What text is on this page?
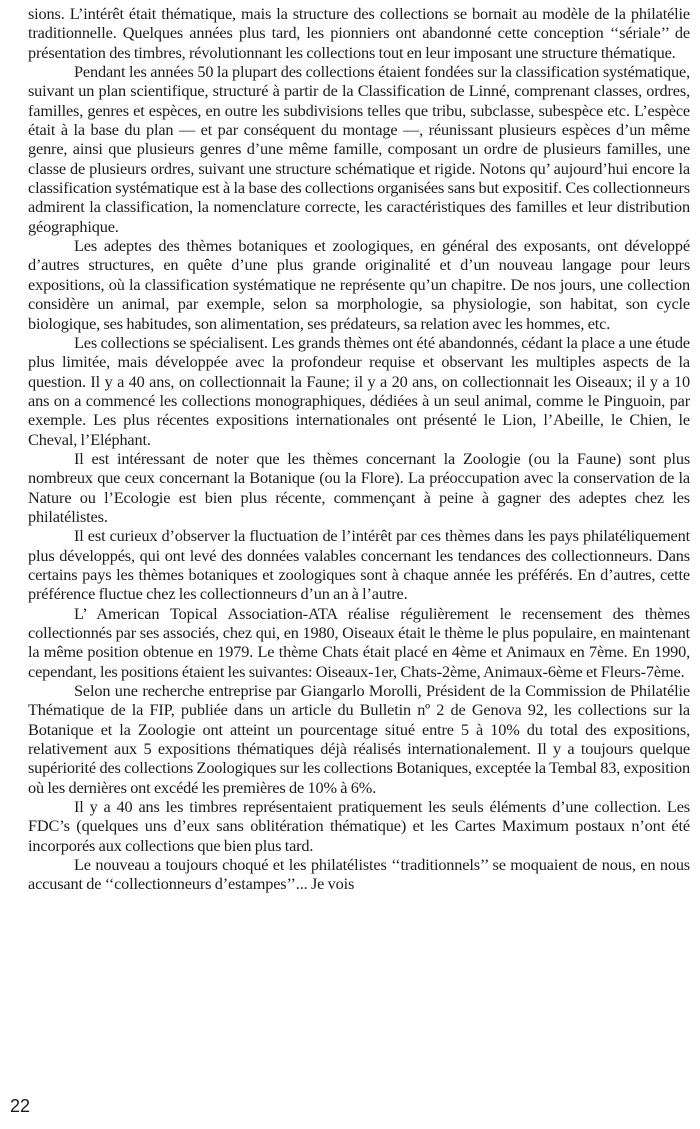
sions. L’intérêt était thématique, mais la structure des collections se bornait au modèle de la philatélie traditionnelle. Quelques années plus tard, les pionniers ont abandonné cette conception ‘‘sériale’’ de présentation des timbres, révolutionnant les collections tout en leur imposant une structure thématique.

Pendant les années 50 la plupart des collections étaient fondées sur la classification systématique, suivant un plan scientifique, structuré à partir de la Classification de Linné, comprenant classes, ordres, familles, genres et espèces, en outre les subdivisions telles que tribu, subclasse, subespèce etc. L’espèce était à la base du plan — et par conséquent du montage —, réunissant plusieurs espèces d’un même genre, ainsi que plusieurs genres d’une même famille, composant un ordre de plusieurs familles, une classe de plusieurs ordres, suivant une structure schématique et rigide. Notons qu’ aujourd’hui encore la classification systématique est à la base des collections organisées sans but expositif. Ces collectionneurs admirent la classification, la nomenclature correcte, les caractéristiques des familles et leur distribution géographique.

Les adeptes des thèmes botaniques et zoologiques, en général des exposants, ont développé d’autres structures, en quête d’une plus grande originalité et d’un nouveau langage pour leurs expositions, où la classification systématique ne représente qu’un chapitre. De nos jours, une collection considère un animal, par exemple, selon sa morphologie, sa physiologie, son habitat, son cycle biologique, ses habitudes, son alimentation, ses prédateurs, sa relation avec les hommes, etc.

Les collections se spécialisent. Les grands thèmes ont été abandonnés, cédant la place a une étude plus limitée, mais développée avec la profondeur requise et observant les multiples aspects de la question. Il y a 40 ans, on collectionnait la Faune; il y a 20 ans, on collectionnait les Oiseaux; il y a 10 ans on a commencé les collections monographiques, dédiées à un seul animal, comme le Pinguoin, par exemple. Les plus récentes expositions internationales ont présenté le Lion, l’Abeille, le Chien, le Cheval, l’Eléphant.

Il est intéressant de noter que les thèmes concernant la Zoologie (ou la Faune) sont plus nombreux que ceux concernant la Botanique (ou la Flore). La préoccupation avec la conservation de la Nature ou l’Ecologie est bien plus récente, commençant à peine à gagner des adeptes chez les philatélistes.

Il est curieux d’observer la fluctuation de l’intérêt par ces thèmes dans les pays philatéliquement plus développés, qui ont levé des données valables concernant les tendances des collectionneurs. Dans certains pays les thèmes botaniques et zoologiques sont à chaque année les préférés. En d’autres, cette préférence fluctue chez les collectionneurs d’un an à l’autre.

L’ American Topical Association-ATA réalise régulièrement le recensement des thèmes collectionnés par ses associés, chez qui, en 1980, Oiseaux était le thème le plus populaire, en maintenant la même position obtenue en 1979. Le thème Chats était placé en 4ème et Animaux en 7ème. En 1990, cependant, les positions étaient les suivantes: Oiseaux-1er, Chats-2ème, Animaux-6ème et Fleurs-7ème.

Selon une recherche entreprise par Giangarlo Morolli, Président de la Commission de Philatélie Thématique de la FIP, publiée dans un article du Bulletin nº 2 de Genova 92, les collections sur la Botanique et la Zoologie ont atteint un pourcentage situé entre 5 à 10% du total des expositions, relativement aux 5 expositions thématiques déjà réalisés internationalement. Il y a toujours quelque supériorité des collections Zoologiques sur les collections Botaniques, exceptée la Tembal 83, exposition où les dernières ont excédé les premières de 10% à 6%.

Il y a 40 ans les timbres représentaient pratiquement les seuls éléments d’une collection. Les FDC’s (quelques uns d’eux sans oblitération thématique) et les Cartes Maximum postaux n’ont été incorporés aux collections que bien plus tard.

Le nouveau a toujours choqué et les philatélistes ‘‘traditionnels’’ se moquaient de nous, en nous accusant de ‘‘collectionneurs d’estampes’’... Je vois

22
